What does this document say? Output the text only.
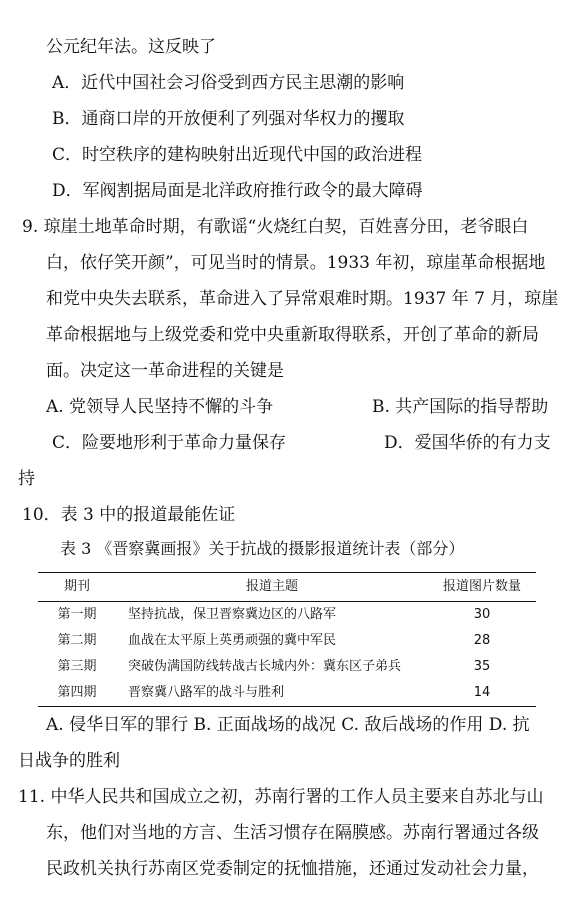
公元纪年法。这反映了
A．近代中国社会习俗受到西方民主思潮的影响
B．通商口岸的开放便利了列强对华权力的攫取
C．时空秩序的建构映射出近现代中国的政治进程
D．军阀割据局面是北洋政府推行政令的最大障碍
9. 琼崖土地革命时期，有歌谣“火烧红白契，百姓喜分田，老爷眼白
白，依仔笑开颜”，可见当时的情景。1933 年初，琼崖革命根据地
和党中央失去联系，革命进入了异常艰难时期。1937 年 7 月，琼崖
革命根据地与上级党委和党中央重新取得联系，开创了革命的新局
面。决定这一革命进程的关键是
A. 党领导人民坚持不懈的斗争	B. 共产国际的指导帮助
C．险要地形利于革命力量保存	D．爱国华侨的有力支
持
10．表 3 中的报道最能佐证
表 3 《晋察冀画报》关于抗战的摄影报道统计表（部分）
期刊	报道主题	报道图片数量
第一期	坚持抗战，保卫晋察冀边区的八路军	30
第二期	血战在太平原上英勇顽强的冀中军民	28
第三期	突破伪满国防线转战古长城内外：冀东区子弟兵	35
第四期	晋察冀八路军的战斗与胜利	14
A. 侵华日军的罪行 B. 正面战场的战况 C. 敌后战场的作用 D. 抗
日战争的胜利
11. 中华人民共和国成立之初，苏南行署的工作人员主要来自苏北与山
东，他们对当地的方言、生活习惯存在隔膜感。苏南行署通过各级
民政机关执行苏南区党委制定的抚恤措施，还通过发动社会力量，
